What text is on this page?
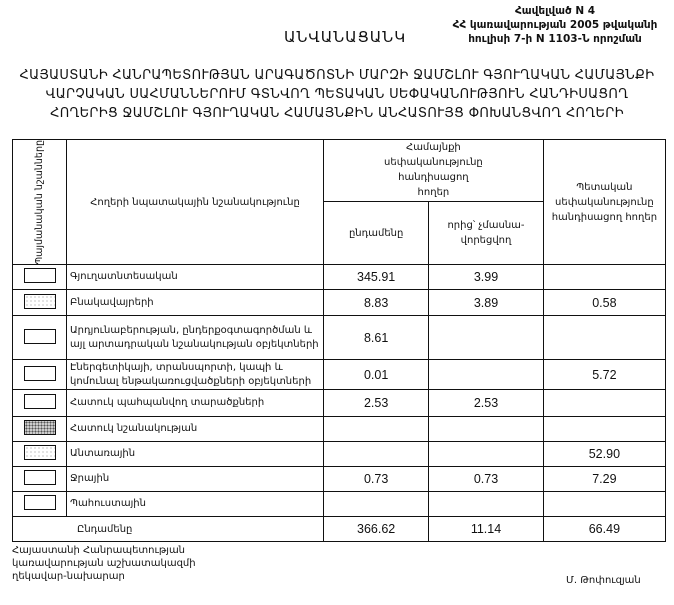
ԱՆՎԱՆԱՑԱՆԿ
Հավելված N 4
ՀՀ կառավարության 2005 թվականի
հուլիսի 7-ի N 1103-Ն որոշման
ՀԱՅԱՍՏԱՆԻ ՀԱՆՐԱՊԵՏՈՒԹՅԱՆ ԱՐԱԳԱԾՈՏՆԻ ՄԱՐԶԻ ՋԱՄՇԼՈՒ ԳՅՈՒՂԱԿԱՆ ՀԱՄԱՅՆՔԻ
ՎԱՐՉԱԿԱՆ ՍԱՀՄԱՆՆԵՐՈՒՄ ԳՏՆՎՈՂ ՊԵՏԱԿԱՆ ՍԵՓԱԿԱՆՈՒԹՅՈՒՆ ՀԱՆԴԻՍԱՑՈՂ
ՀՈՂԵՐԻՑ ՋԱՄՇԼՈՒ ԳՅՈՒՂԱԿԱՆ ՀԱՄԱՅՆՔԻՆ ԱՆՀԱՏՈՒՅՑ ՓՈԽԱՆՑՎՈՂ ՀՈՂԵՐԻ
Պայմանական նշանները	Հողերի նպատակային նշանակությունը	Համայնքի սեփականությունը հանդիսացող հողեր		Պետական սեփականությունը հանդիսացող հողեր
		ընդամենը	որից՝ չմասնա- վորեցվող	
	Գյուղատնտեսական	345.91	3.99	
	Բնակավայրերի	8.83	3.89	0.58
	Արդյունաբերության, ընդերքօգտագործման և այլ արտադրական նշանակության օբյեկտների	8.61		
	Էներգետիկայի, տրանսպորտի, կապի և կոմունալ ենթակառուցվածքների օբյեկտների	0.01		5.72
	Հատուկ պահպանվող տարածքների	2.53	2.53	
	Հատուկ նշանակության			
	Անտառային			52.90
	Ջրային	0.73	0.73	7.29
	Պահուստային			
Ընդամենը		366.62	11.14	66.49
Հայաստանի Հանրապետության
կառավարության աշխատակազմի
ղեկավար-նախարար	Մ. Թոփուզյան
